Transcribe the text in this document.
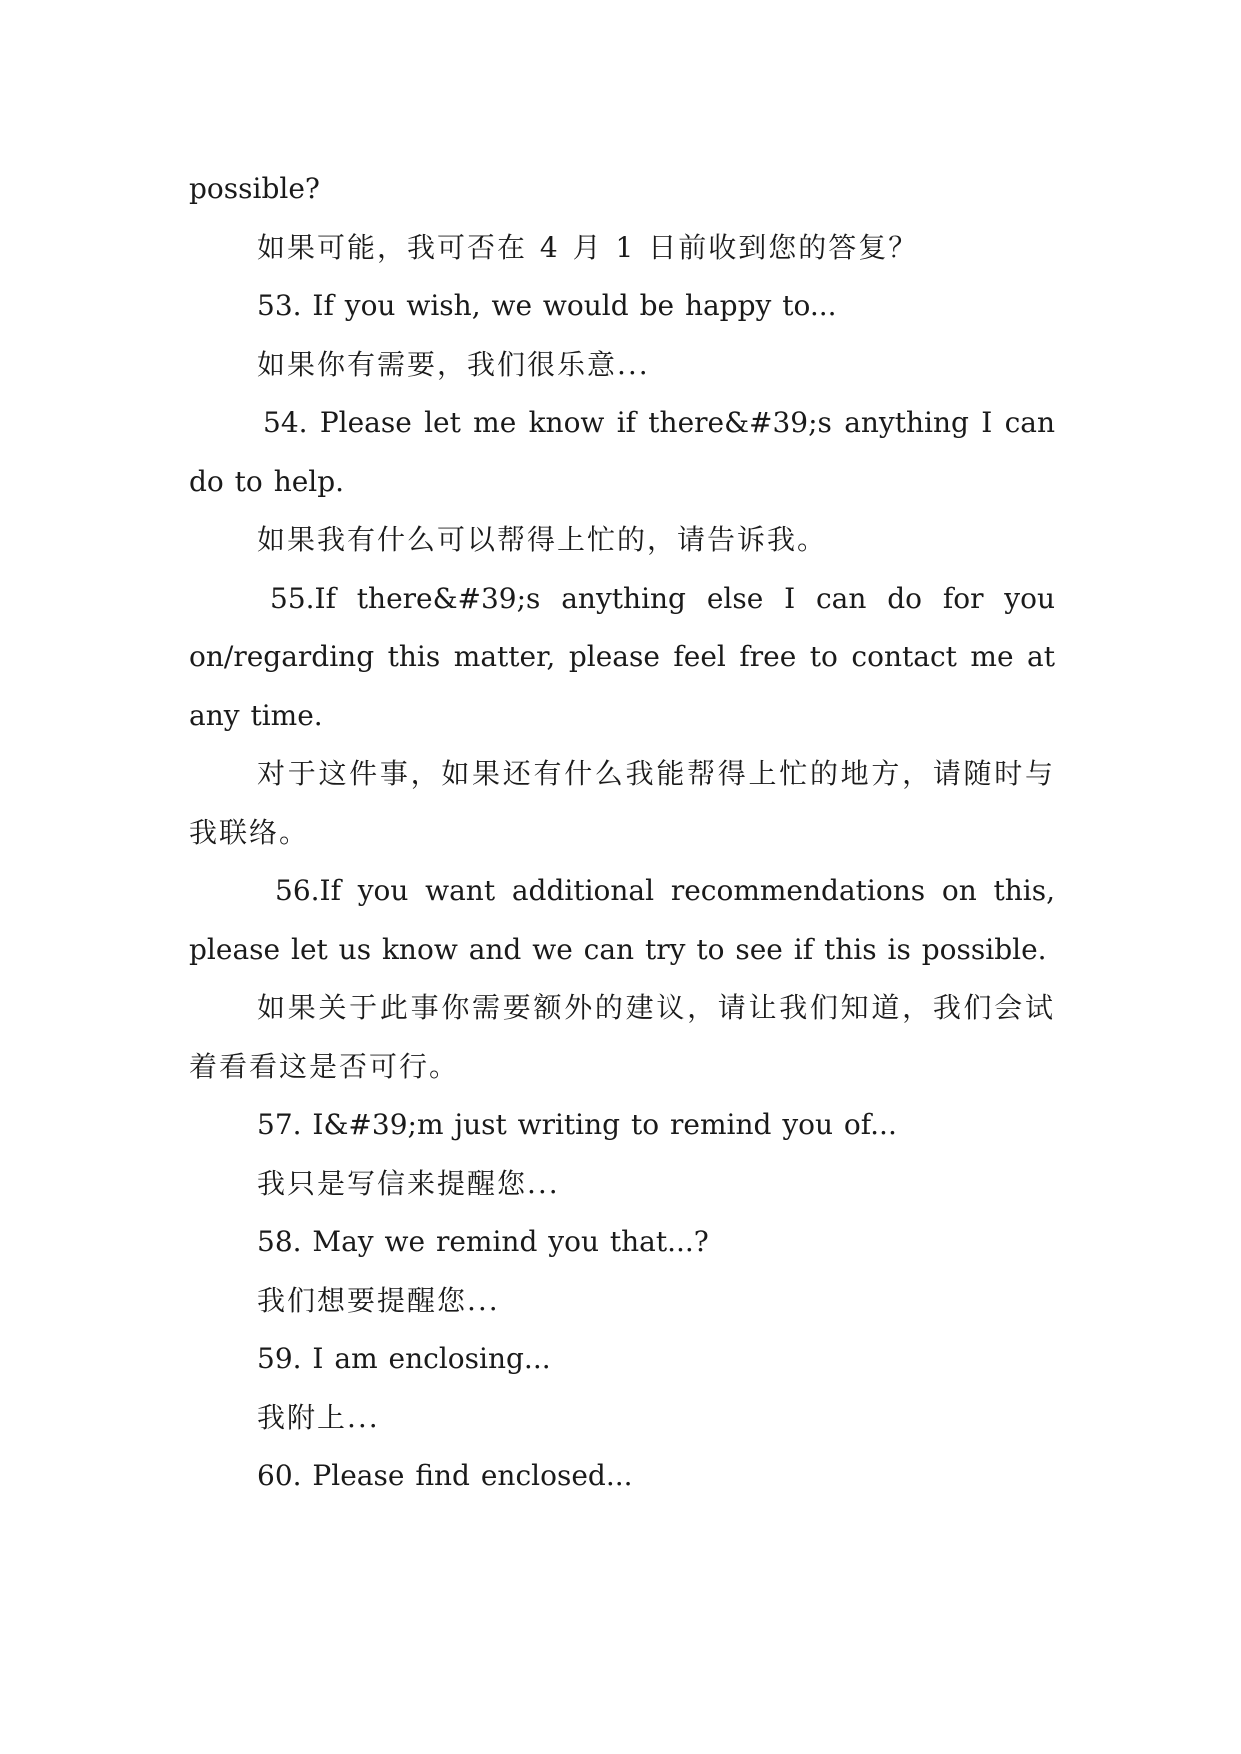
possible?

如果可能，我可否在 4 月 1 日前收到您的答复？

53. If you wish, we would be happy to...

如果你有需要，我们很乐意...

54. Please let me know if there&#39;s anything I can do to help.

如果我有什么可以帮得上忙的，请告诉我。

55.If there&#39;s anything else I can do for you on/regarding this matter, please feel free to contact me at any time.

对于这件事，如果还有什么我能帮得上忙的地方，请随时与我联络。

56.If you want additional recommendations on this, please let us know and we can try to see if this is possible.

如果关于此事你需要额外的建议，请让我们知道，我们会试着看看这是否可行。

57. I&#39;m just writing to remind you of...

我只是写信来提醒您...

58. May we remind you that...?

我们想要提醒您...

59. I am enclosing...

我附上...

60. Please find enclosed...
